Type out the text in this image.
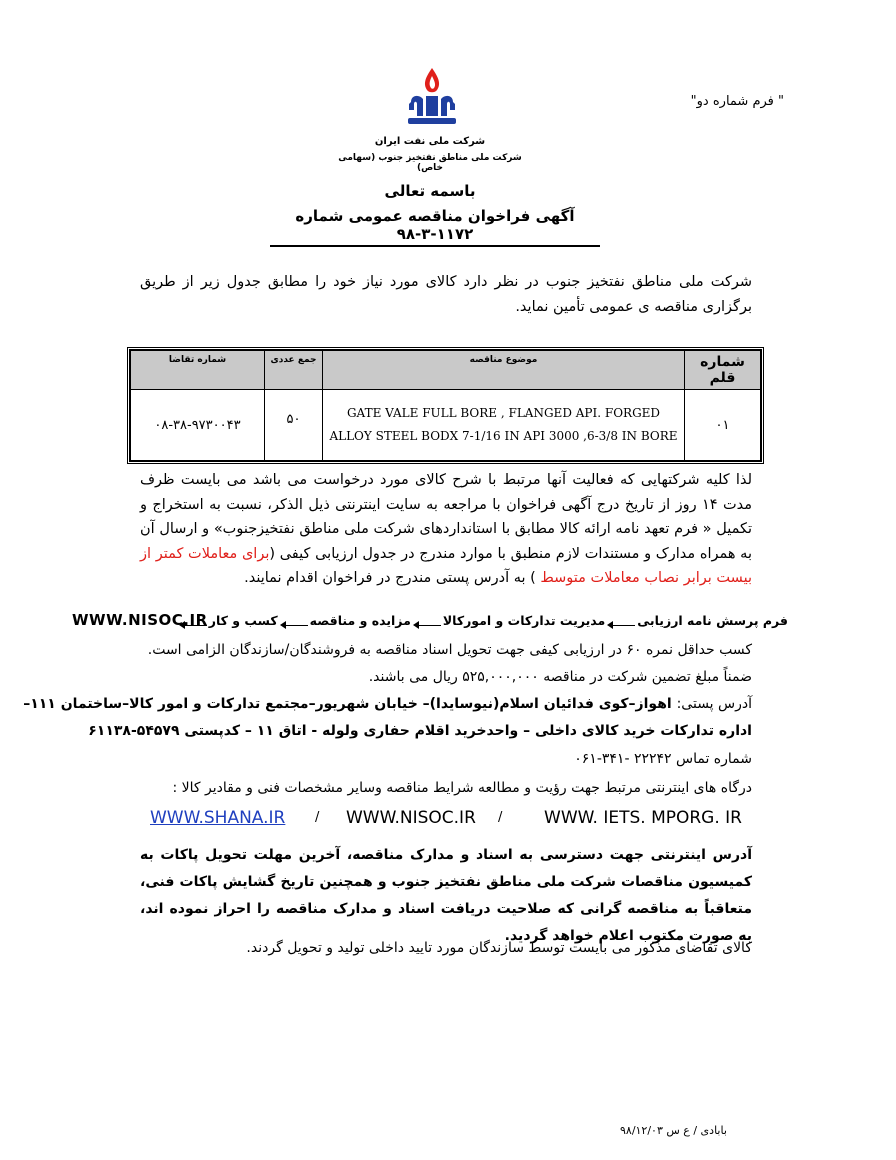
" فرم شماره دو"
شرکت ملی نفت ایران
شرکت ملی مناطق نفتخیز جنوب (سهامی خاص)
باسمه تعالی
آگهی فراخوان مناقصه عمومی شماره ۱۱۷۲-۳-۹۸
شرکت ملی مناطق نفتخیز جنوب در نظر دارد کالای مورد نیاز خود را مطابق جدول زیر از طریق برگزاری مناقصه ی عمومی تأمین نماید.
شماره قلم	موضوع مناقصه	جمع عددی	شماره تقاضا
۰۱	GATE VALE FULL BORE , FLANGED API. FORGED ALLOY STEEL BODX 7-1/16 IN API 3000 ,6-3/8 IN BORE	۵۰	۰۸-۳۸-۹۷۳۰۰۴۳
لذا کلیه شرکتهایی که فعالیت آنها مرتبط با شرح کالای مورد درخواست می باشد می بایست ظرف مدت ۱۴ روز از تاریخ درج آگهی فراخوان با مراجعه به سایت اینترنتی ذیل الذکر، نسبت به استخراج و تکمیل « فرم تعهد نامه ارائه کالا مطابق با استانداردهای شرکت ملی مناطق نفتخیزجنوب» و ارسال آن به همراه مدارک و مستندات لازم منطبق با موارد مندرج در جدول ارزیابی کیفی (برای معاملات کمتر از بیست برابر نصاب معاملات متوسط ) به آدرس پستی مندرج در فراخوان اقدام نمایند.
WWW.NISOC.IR	فرم پرسش نامه ارزیابیمدیریت تدارکات و امورکالامزایده و مناقصهکسب و کار
کسب حداقل نمره ۶۰ در ارزیابی کیفی جهت تحویل اسناد مناقصه به فروشندگان/سازندگان الزامی است.
ضمناً مبلغ تضمین شرکت در مناقصه ۵۲۵,۰۰۰,۰۰۰ ریال می باشند.
آدرس پستی: اهواز–کوی فدائیان اسلام(نیوسایدا)– خیابان شهریور–مجتمع تدارکات و امور کالا–ساختمان ۱۱۱–
اداره تدارکات خرید کالای داخلی – واحدخرید اقلام حفاری ولوله - اتاق ۱۱ – کدپستی ۵۴۵۷۹-۶۱۱۳۸
شماره تماس ۲۲۲۴۲ -۳۴۱-۰۶۱
درگاه های اینترنتی مرتبط جهت رؤیت و مطالعه شرایط مناقصه وسایر مشخصات فنی و مقادیر کالا :
WWW.SHANA.IR / WWW.NISOC.IR / WWW. IETS. MPORG. IR
آدرس اینترنتی جهت دسترسی به اسناد و مدارک مناقصه، آخرین مهلت تحویل پاکات به کمیسیون مناقصات شرکت ملی مناطق نفتخیز جنوب و همچنین تاریخ گشایش پاکات فنی، متعاقباً به مناقصه گرانی که صلاحیت دریافت اسناد و مدارک مناقصه را احراز نموده اند، به صورت مکتوب اعلام خواهد گردید.
کالای تقاضای مذکور می بایست توسط سازندگان مورد تایید داخلی تولید و تحویل گردند.
بابادی / ع س ۹۸/۱۲/۰۳
